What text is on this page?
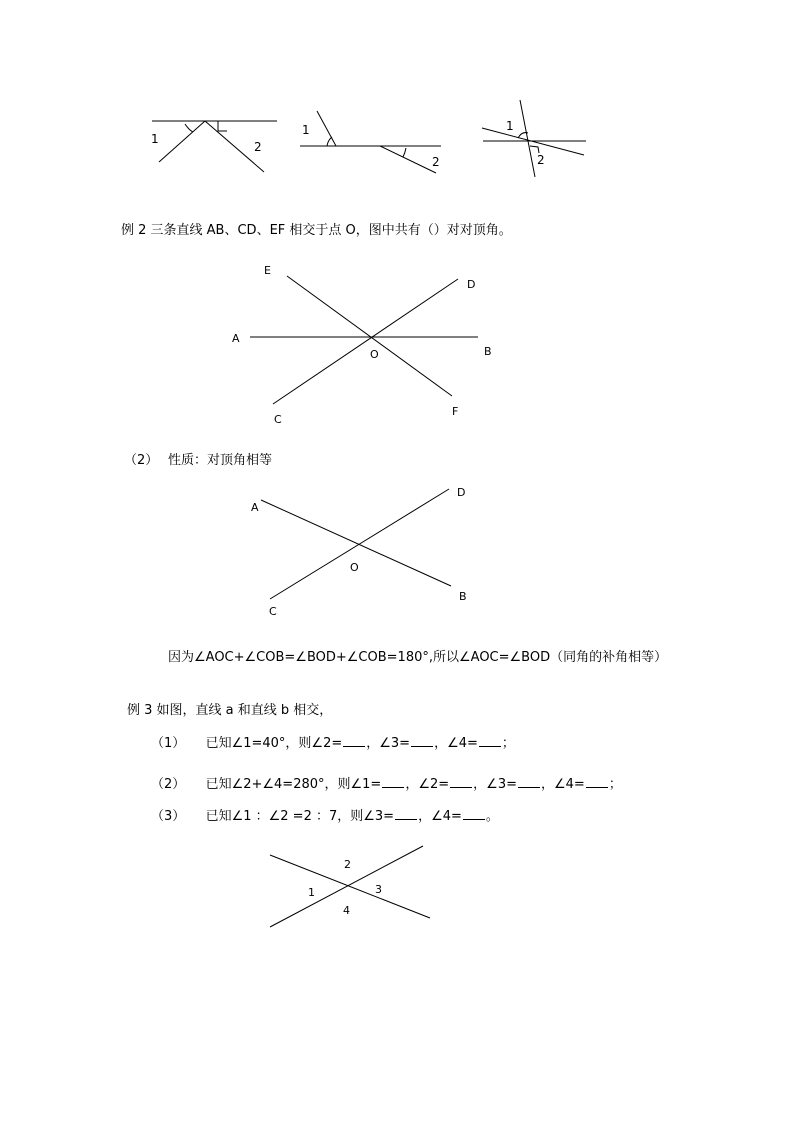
1
2
1
2
1
2
例 2 三条直线 AB、CD、EF 相交于点 O，图中共有（）对对顶角。
E
D
A
B
O
C
F
（2） 性质：对顶角相等
A
D
O
C
B
因为∠AOC+∠COB=∠BOD+∠COB=180°,所以∠AOC=∠BOD（同角的补角相等）
例 3 如图，直线 a 和直线 b 相交，
（1） 已知∠1=40°，则∠2= ，∠3= ，∠4= ；
（2） 已知∠2+∠4=280°，则∠1= ，∠2= ，∠3= ，∠4= ；
（3） 已知∠1 ：∠2 =2 ：7，则∠3= ，∠4= 。
2
1	3
4
